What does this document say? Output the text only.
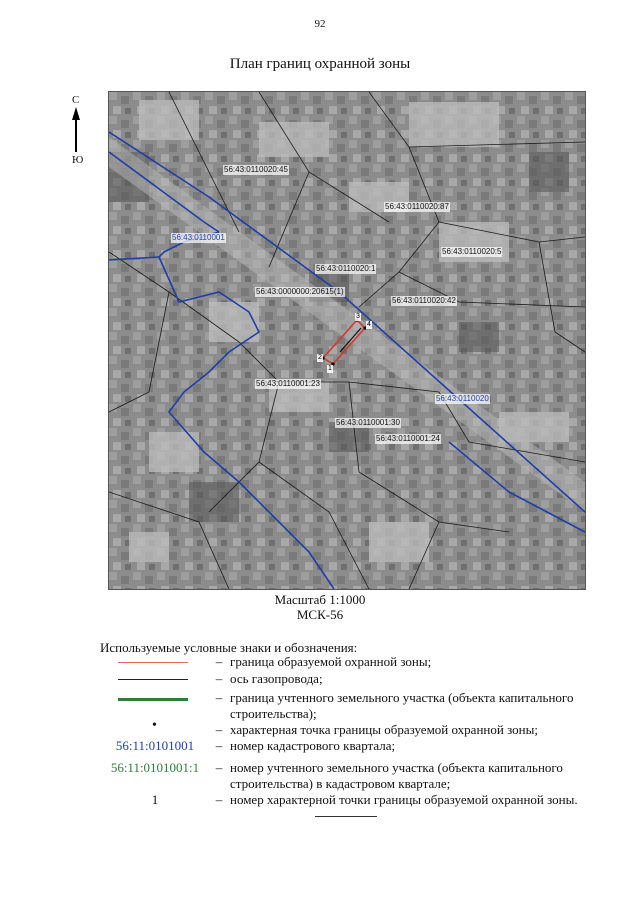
92
План границ охранной зоны
С
Ю
56:43:0110020:45
56:43:0110020:87
56:43:0110020:5
56:43:0110020:1
56:43:0000000:20615(1)
56:43:0110020:42
56:43:0110001:23
56:43:0110001:30
56:43:0110001:24
56:43:0110001
56:43:0110020
1
2
3
4
Масштаб 1:1000
МСК-56
Используемые условные знаки и обозначения:
– граница образуемой охранной зоны;
– ось газопровода;
– граница учтенного земельного участка (объекта капитального строительства);
•	– характерная точка границы образуемой охранной зоны;
56:11:0101001	– номер кадастрового квартала;
56:11:0101001:1	– номер учтенного земельного участка (объекта капитального строительства) в кадастровом квартале;
1	– номер характерной точки границы образуемой охранной зоны.
